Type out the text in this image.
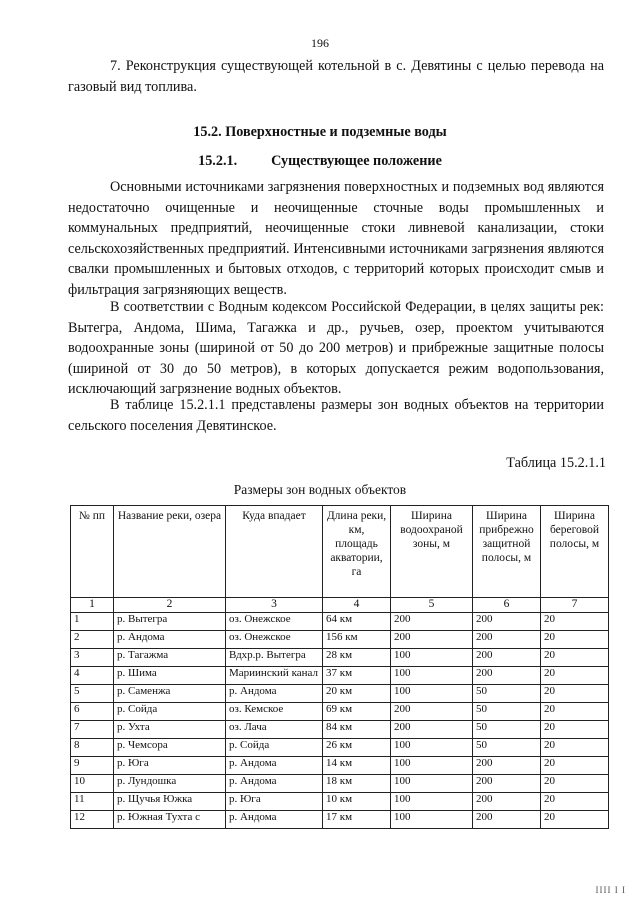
196

7. Реконструкция существующей котельной в с. Девятины с целью перевода на газовый вид топлива.

15.2. Поверхностные и подземные воды
15.2.1. Существующее положение

Основными источниками загрязнения поверхностных и подземных вод являются недостаточно очищенные и неочищенные сточные воды промышленных и коммунальных предприятий, неочищенные стоки ливневой канализации, стоки сельскохозяйственных предприятий. Интенсивными источниками загрязнения являются свалки промышленных и бытовых отходов, с территорий которых происходит смыв и фильтрация загрязняющих веществ.

В соответствии с Водным кодексом Российской Федерации, в целях защиты рек: Вытегра, Андома, Шима, Тагажка и др., ручьев, озер, проектом учитываются водоохранные зоны (шириной от 50 до 200 метров) и прибрежные защитные полосы (шириной от 30 до 50 метров), в которых допускается режим водопользования, исключающий загрязнение водных объектов.

В таблице 15.2.1.1 представлены размеры зон водных объектов на территории сельского поселения Девятинское.

Таблица 15.2.1.1
Размеры зон водных объектов
№ пп	Название реки, озера	Куда впадает	Длина реки, км, площадь акватории, га	Ширина водоохраной зоны, м	Ширина прибрежно защитной полосы, м	Ширина береговой полосы, м
1	2	3	4	5	6	7
1	р. Вытегра	оз. Онежское	64 км	200	200	20
2	р. Андома	оз. Онежское	156 км	200	200	20
3	р. Тагажма	Вдхр.р. Вытегра	28 км	100	200	20
4	р. Шима	Мариинский канал	37 км	100	200	20
5	р. Саменжа	р. Андома	20 км	100	50	20
6	р. Сойда	оз. Кемское	69 км	200	50	20
7	р. Ухта	оз. Лача	84 км	200	50	20
8	р. Чемсора	р. Сойда	26 км	100	50	20
9	р. Юга	р. Андома	14 км	100	200	20
10	р. Лундошка	р. Андома	18 км	100	200	20
11	р. Щучья Южка	р. Юга	10 км	100	200	20
12	р. Южная Тухта с	р. Андома	17 км	100	200	20
IIII I I
